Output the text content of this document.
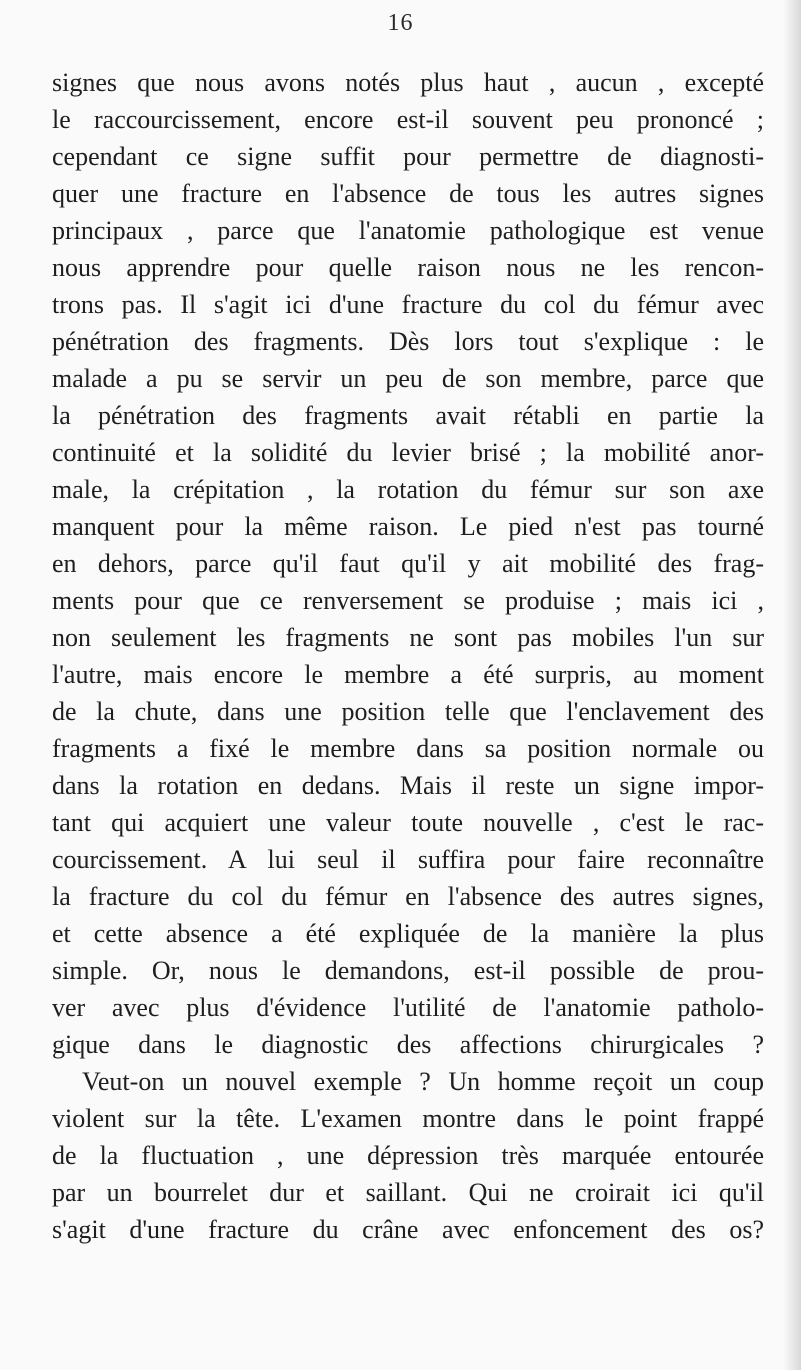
16
signes que nous avons notés plus haut , aucun , excepté
le raccourcissement, encore est-il souvent peu prononcé ;
cependant ce signe suffit pour permettre de diagnosti-
quer une fracture en l'absence de tous les autres signes
principaux , parce que l'anatomie pathologique est venue
nous apprendre pour quelle raison nous ne les rencon-
trons pas. Il s'agit ici d'une fracture du col du fémur avec
pénétration des fragments. Dès lors tout s'explique : le
malade a pu se servir un peu de son membre, parce que
la pénétration des fragments avait rétabli en partie la
continuité et la solidité du levier brisé ; la mobilité anor-
male, la crépitation , la rotation du fémur sur son axe
manquent pour la même raison. Le pied n'est pas tourné
en dehors, parce qu'il faut qu'il y ait mobilité des frag-
ments pour que ce renversement se produise ; mais ici ,
non seulement les fragments ne sont pas mobiles l'un sur
l'autre, mais encore le membre a été surpris, au moment
de la chute, dans une position telle que l'enclavement des
fragments a fixé le membre dans sa position normale ou
dans la rotation en dedans. Mais il reste un signe impor-
tant qui acquiert une valeur toute nouvelle , c'est le rac-
courcissement. A lui seul il suffira pour faire reconnaître
la fracture du col du fémur en l'absence des autres signes,
et cette absence a été expliquée de la manière la plus
simple. Or, nous le demandons, est-il possible de prou-
ver avec plus d'évidence l'utilité de l'anatomie patholo-
gique dans le diagnostic des affections chirurgicales ?
Veut-on un nouvel exemple ? Un homme reçoit un coup
violent sur la tête. L'examen montre dans le point frappé
de la fluctuation , une dépression très marquée entourée
par un bourrelet dur et saillant. Qui ne croirait ici qu'il
s'agit d'une fracture du crâne avec enfoncement des os?
